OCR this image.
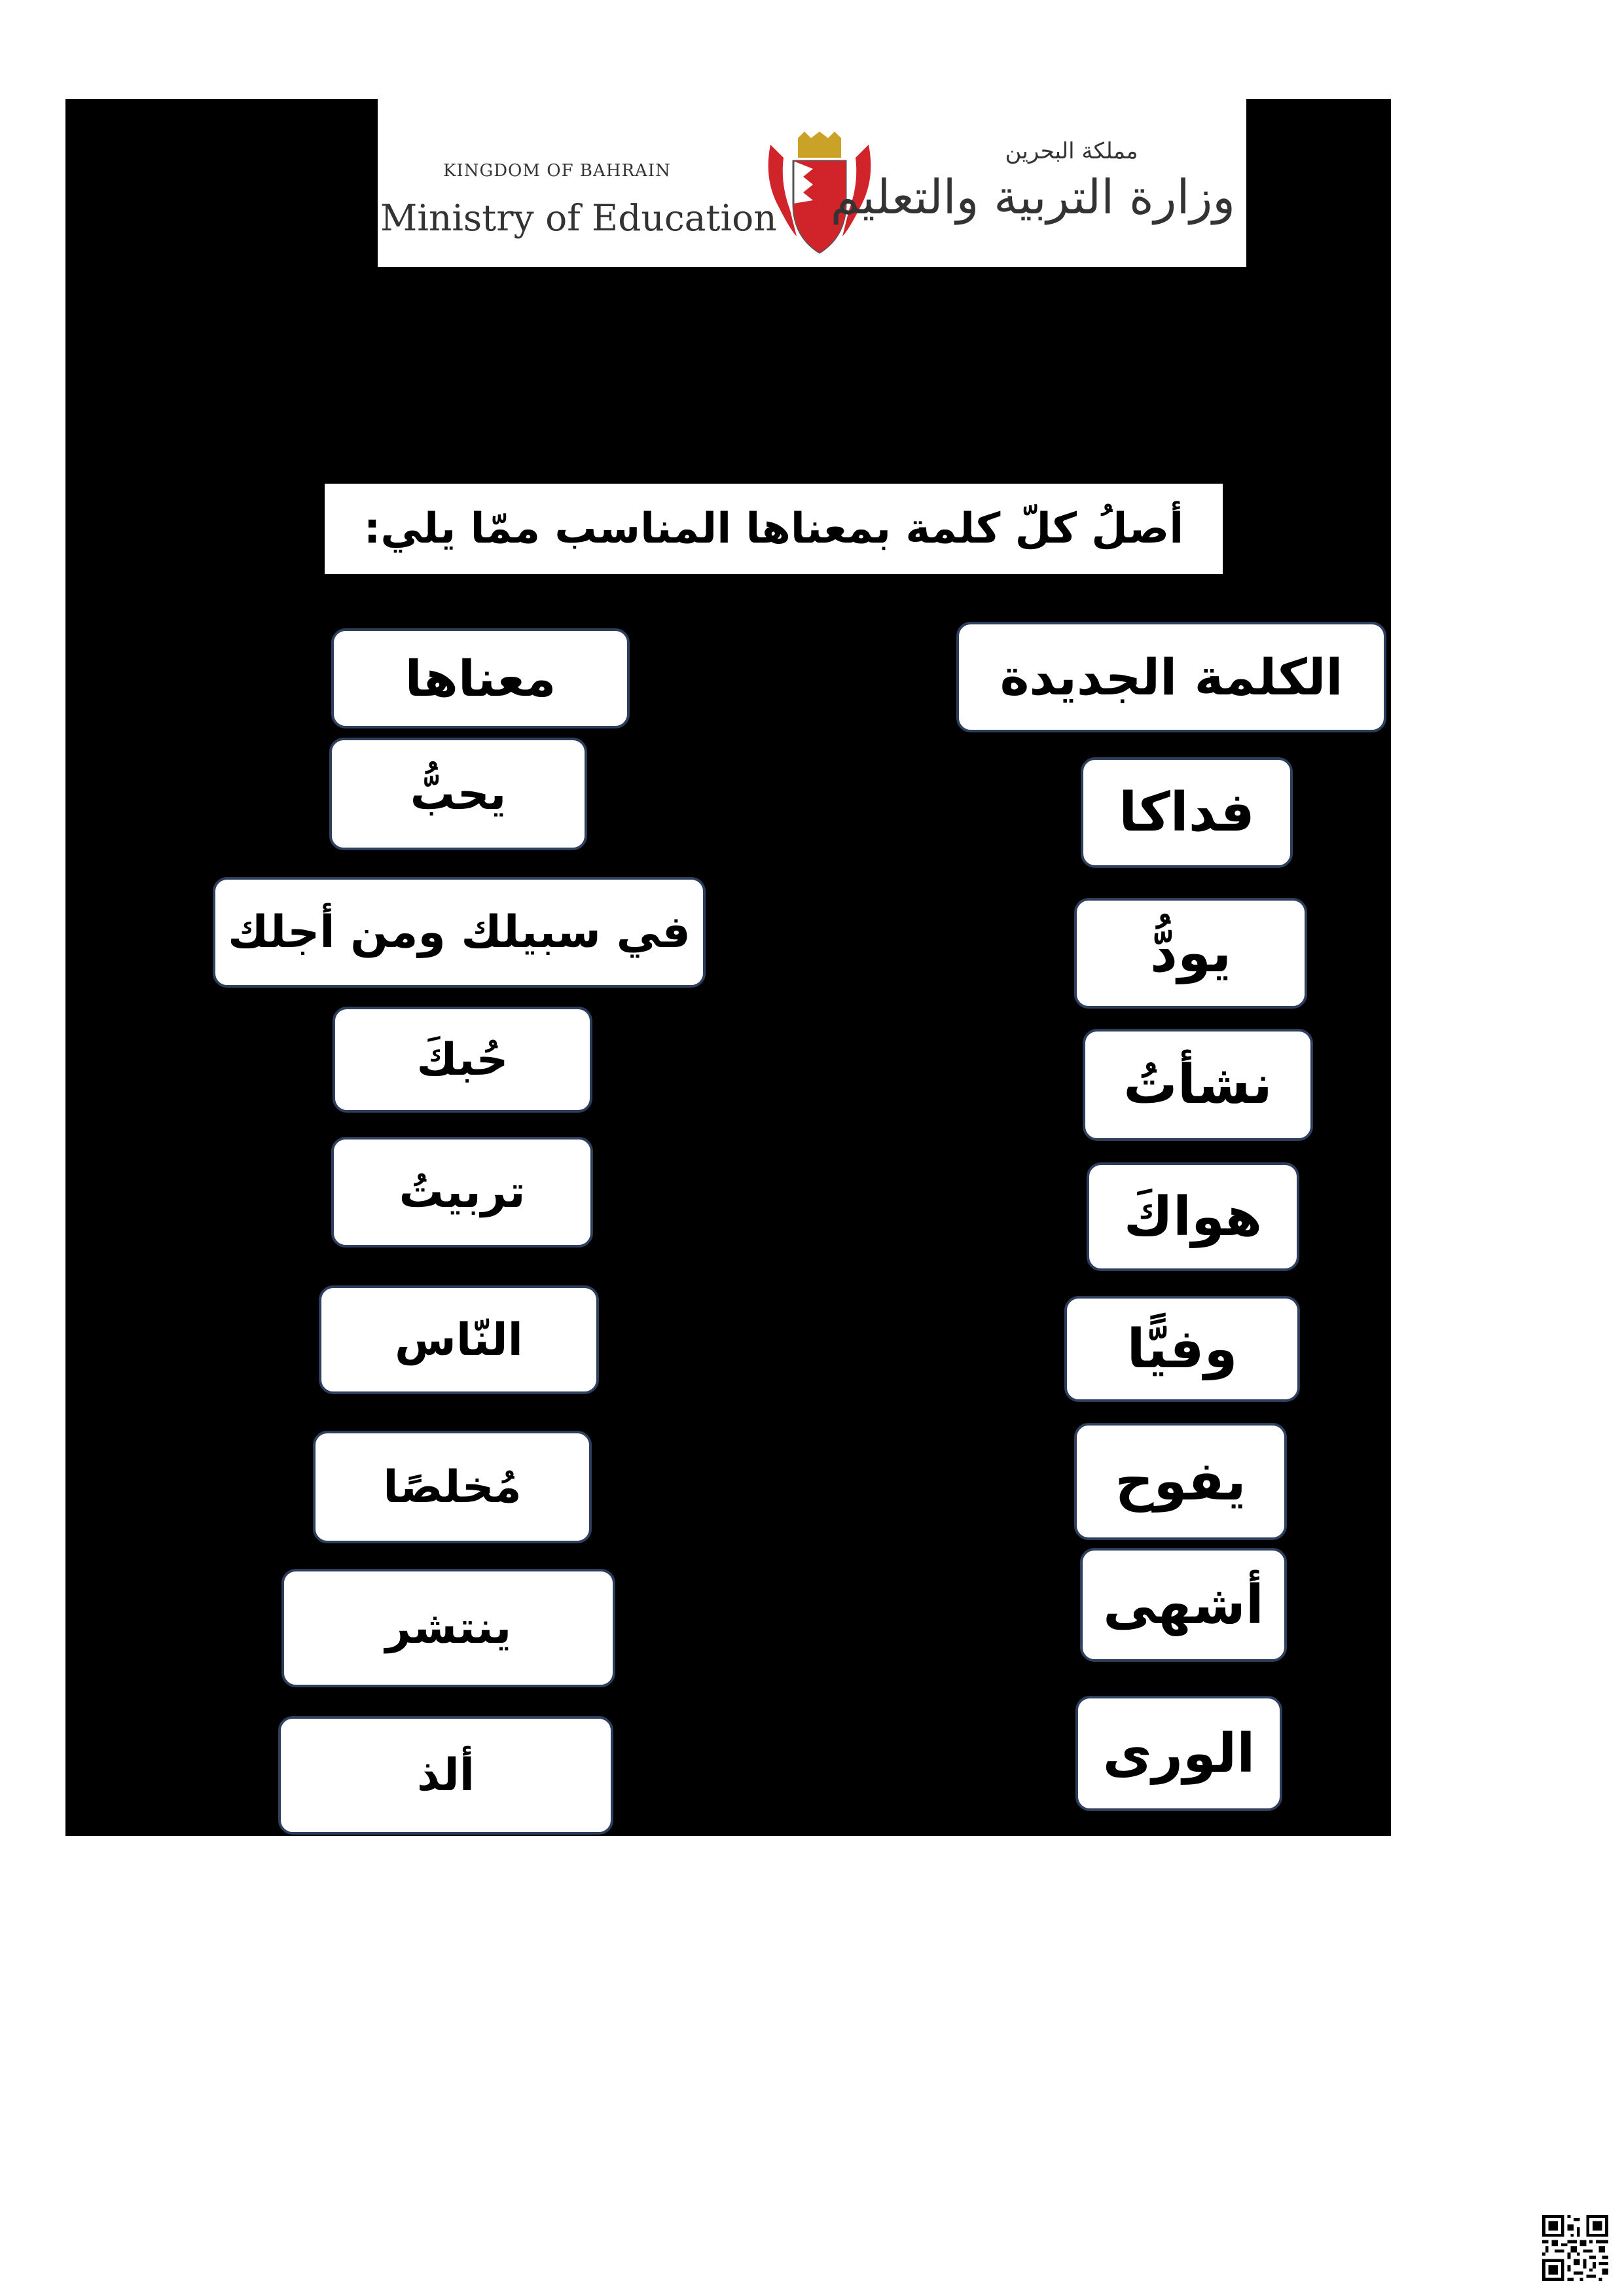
KINGDOM OF BAHRAIN
Ministry of Education
مملكة البحرين
وزارة التربية والتعليم
أصلُ كلّ كلمة بمعناها المناسب ممّا يلي:
الكلمة الجديدة
معناها
فداكا
يودُّ
نشأتُ
هواكَ
وفيًّا
يفوح
أشهى
الورى
يحبُّ
في سبيلك ومن أجلك
حُبكَ
تربيتُ
النّاس
مُخلصًا
ينتشر
ألذ
